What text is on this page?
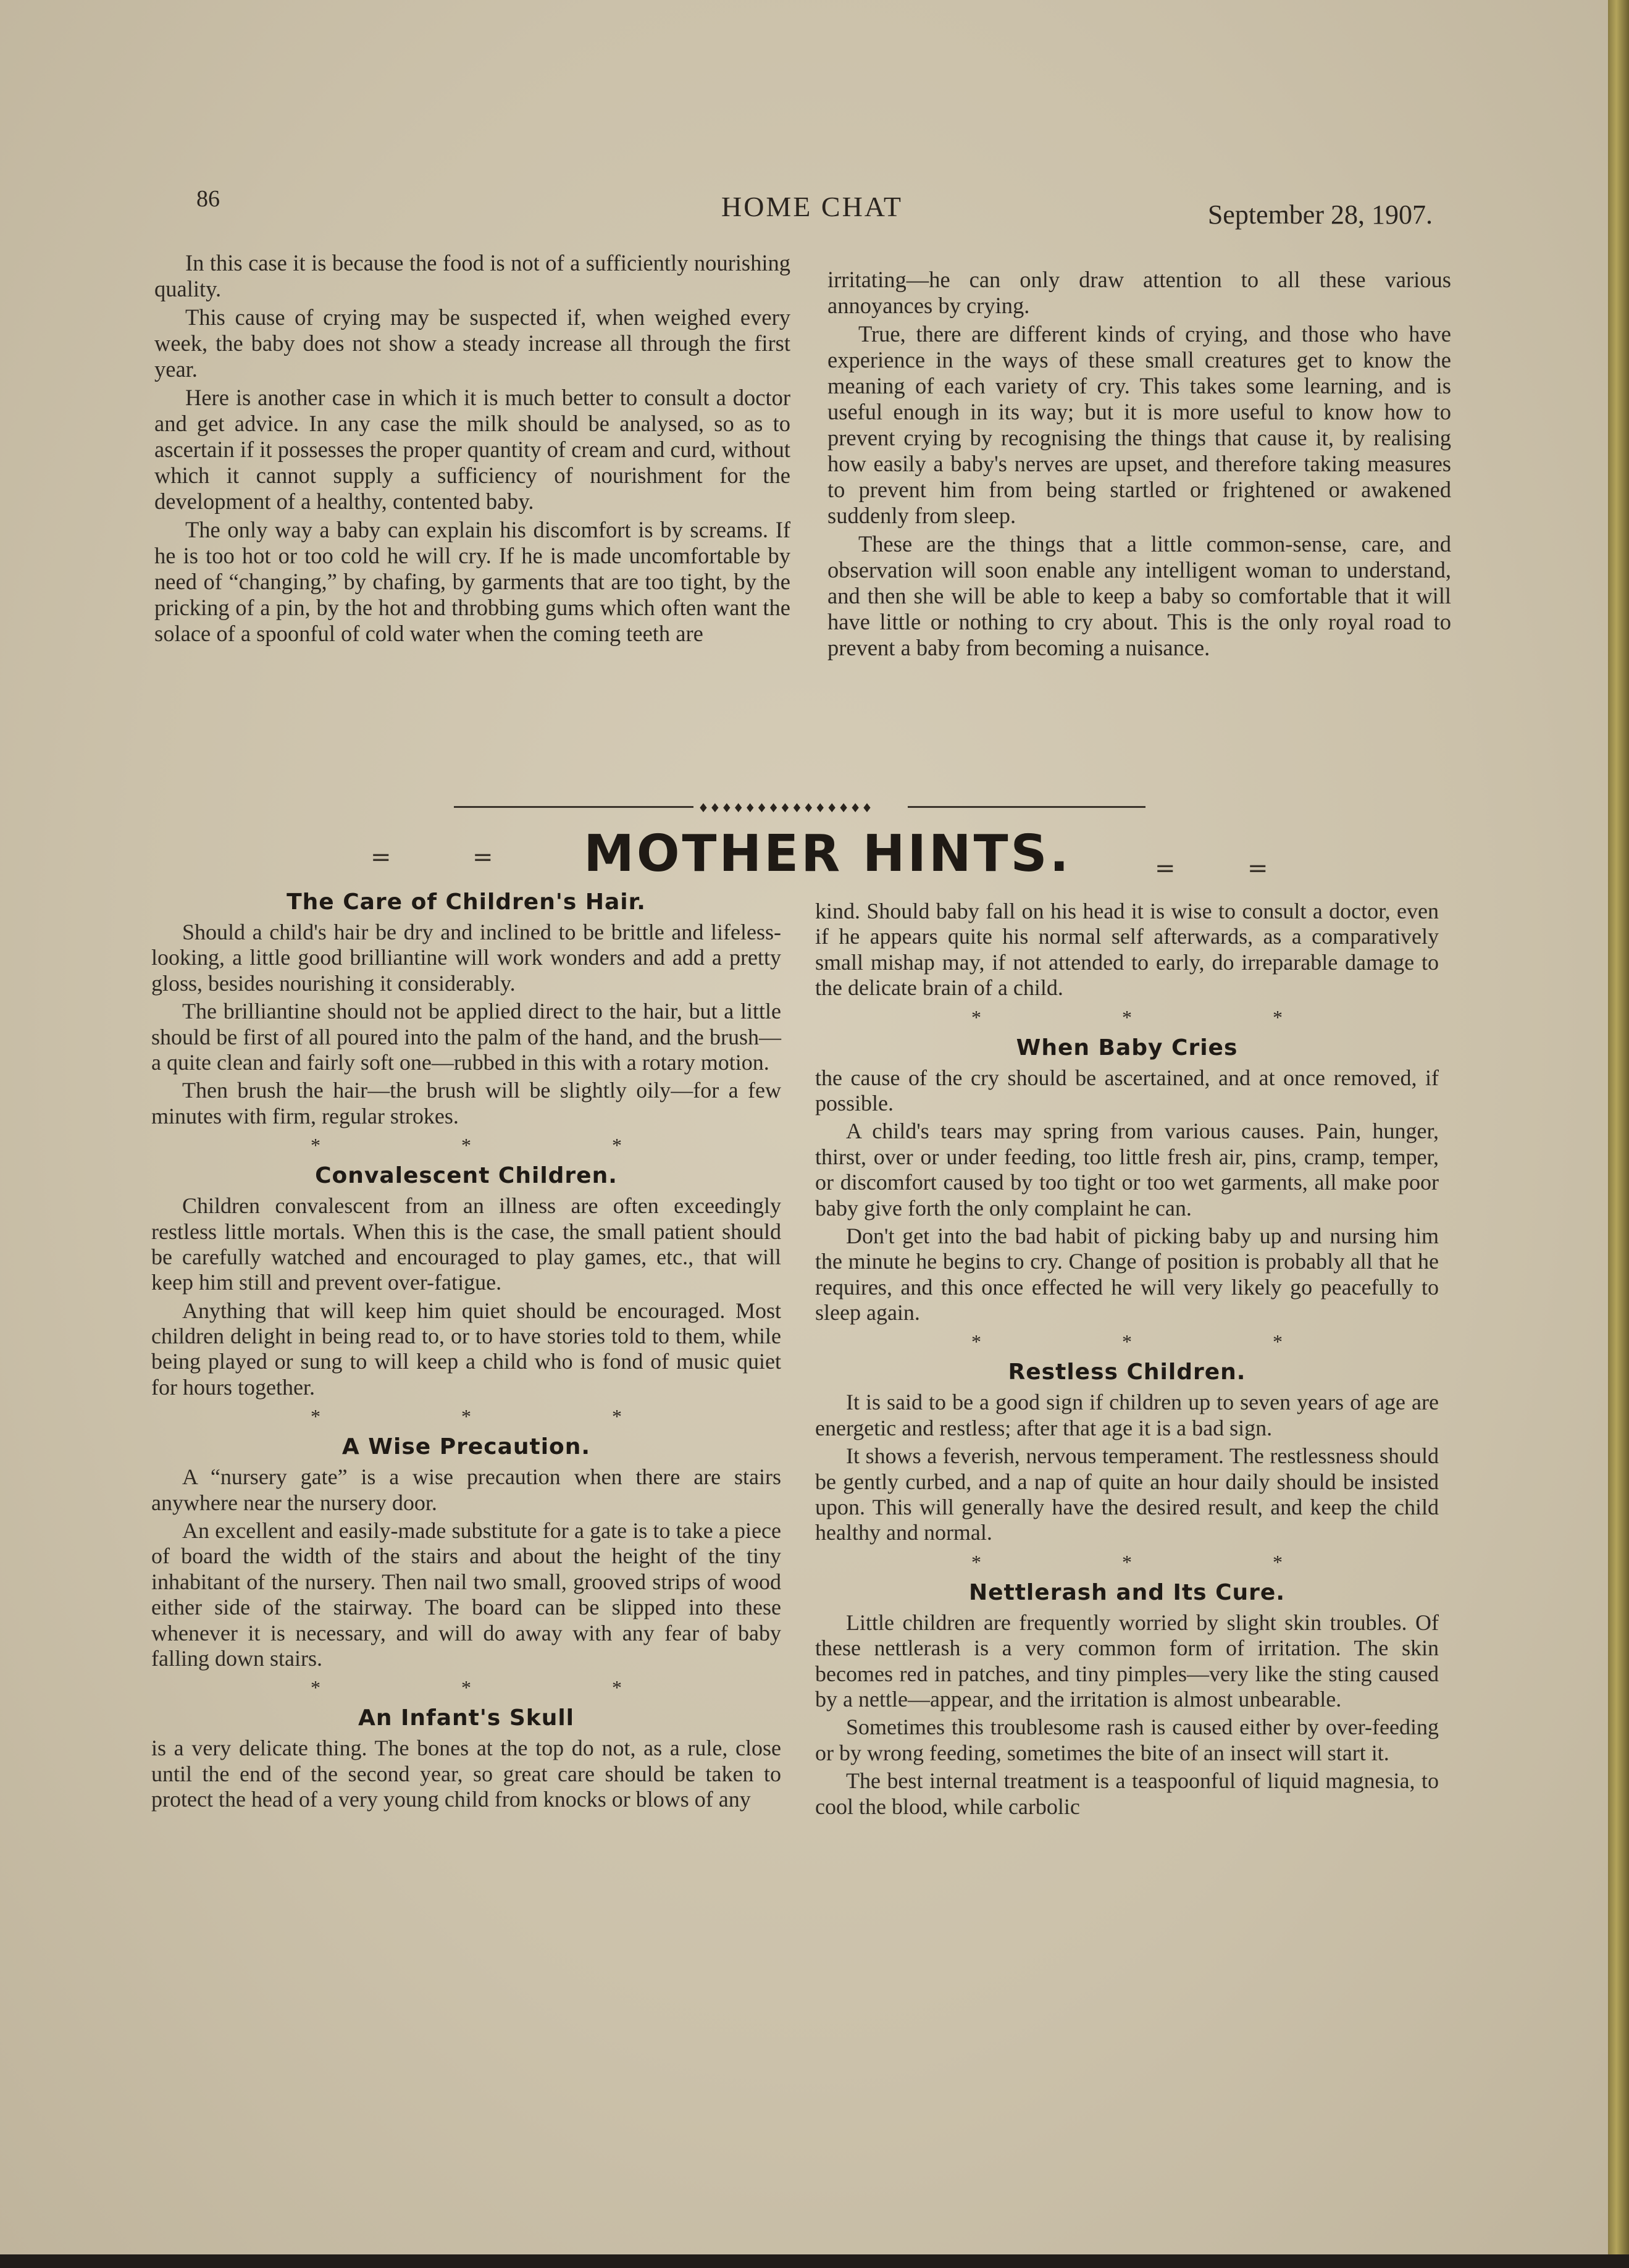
86	HOME CHAT	September 28, 1907.

In this case it is because the food is not of a sufficiently nourishing quality.

This cause of crying may be suspected if, when weighed every week, the baby does not show a steady increase all through the first year.

Here is another case in which it is much better to consult a doctor and get advice. In any case the milk should be analysed, so as to ascertain if it possesses the proper quantity of cream and curd, without which it cannot supply a sufficiency of nourishment for the development of a healthy, contented baby.

The only way a baby can explain his discomfort is by screams. If he is too hot or too cold he will cry. If he is made uncomfortable by need of “changing,” by chafing, by garments that are too tight, by the pricking of a pin, by the hot and throbbing gums which often want the solace of a spoonful of cold water when the coming teeth are

irritating—he can only draw attention to all these various annoyances by crying.

True, there are different kinds of crying, and those who have experience in the ways of these small creatures get to know the meaning of each variety of cry. This takes some learning, and is useful enough in its way; but it is more useful to know how to prevent crying by recognising the things that cause it, by realising how easily a baby's nerves are upset, and therefore taking measures to prevent him from being startled or frightened or awakened suddenly from sleep.

These are the things that a little common-sense, care, and observation will soon enable any intelligent woman to understand, and then she will be able to keep a baby so comfortable that it will have little or nothing to cry about. This is the only royal road to prevent a baby from becoming a nuisance.

♦♦♦♦♦♦♦♦♦♦♦♦♦♦♦
=	=	MOTHER HINTS.	=	=
The Care of Children's Hair.

Should a child's hair be dry and inclined to be brittle and lifeless-looking, a little good brilliantine will work wonders and add a pretty gloss, besides nourishing it considerably.

The brilliantine should not be applied direct to the hair, but a little should be first of all poured into the palm of the hand, and the brush—a quite clean and fairly soft one—rubbed in this with a rotary motion.

Then brush the hair—the brush will be slightly oily—for a few minutes with firm, regular strokes.

* * *
Convalescent Children.

Children convalescent from an illness are often exceedingly restless little mortals. When this is the case, the small patient should be carefully watched and encouraged to play games, etc., that will keep him still and prevent over-fatigue.

Anything that will keep him quiet should be encouraged. Most children delight in being read to, or to have stories told to them, while being played or sung to will keep a child who is fond of music quiet for hours together.

* * *
A Wise Precaution.

A “nursery gate” is a wise precaution when there are stairs anywhere near the nursery door.

An excellent and easily-made substitute for a gate is to take a piece of board the width of the stairs and about the height of the tiny inhabitant of the nursery. Then nail two small, grooved strips of wood either side of the stairway. The board can be slipped into these whenever it is necessary, and will do away with any fear of baby falling down stairs.

* * *
An Infant's Skull

is a very delicate thing. The bones at the top do not, as a rule, close until the end of the second year, so great care should be taken to protect the head of a very young child from knocks or blows of any

kind. Should baby fall on his head it is wise to consult a doctor, even if he appears quite his normal self afterwards, as a comparatively small mishap may, if not attended to early, do irreparable damage to the delicate brain of a child.

* * *
When Baby Cries

the cause of the cry should be ascertained, and at once removed, if possible.

A child's tears may spring from various causes. Pain, hunger, thirst, over or under feeding, too little fresh air, pins, cramp, temper, or discomfort caused by too tight or too wet garments, all make poor baby give forth the only complaint he can.

Don't get into the bad habit of picking baby up and nursing him the minute he begins to cry. Change of position is probably all that he requires, and this once effected he will very likely go peacefully to sleep again.

* * *
Restless Children.

It is said to be a good sign if children up to seven years of age are energetic and restless; after that age it is a bad sign.

It shows a feverish, nervous temperament. The restlessness should be gently curbed, and a nap of quite an hour daily should be insisted upon. This will generally have the desired result, and keep the child healthy and normal.

* * *
Nettlerash and Its Cure.

Little children are frequently worried by slight skin troubles. Of these nettlerash is a very common form of irritation. The skin becomes red in patches, and tiny pimples—very like the sting caused by a nettle—appear, and the irritation is almost unbearable.

Sometimes this troublesome rash is caused either by over-feeding or by wrong feeding, sometimes the bite of an insect will start it.

The best internal treatment is a teaspoonful of liquid magnesia, to cool the blood, while carbolic
